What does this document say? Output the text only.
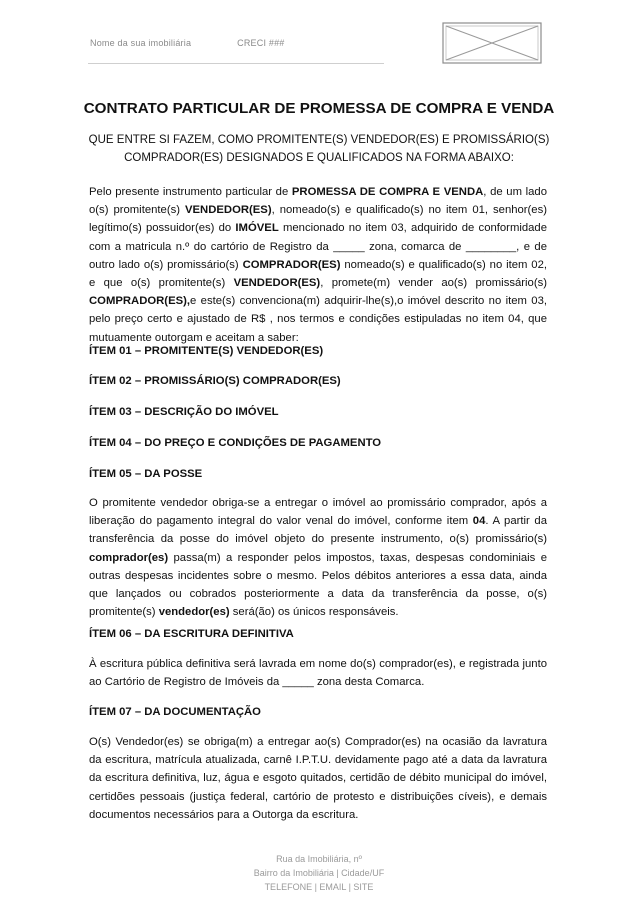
Nome da sua imobiliária	CRECI ###
CONTRATO PARTICULAR DE PROMESSA DE COMPRA E VENDA
QUE ENTRE SI FAZEM, COMO PROMITENTE(S) VENDEDOR(ES) E PROMISSÁRIO(S) COMPRADOR(ES) DESIGNADOS E QUALIFICADOS NA FORMA ABAIXO:
Pelo presente instrumento particular de PROMESSA DE COMPRA E VENDA, de um lado o(s) promitente(s) VENDEDOR(ES), nomeado(s) e qualificado(s) no item 01, senhor(es) legítimo(s) possuidor(es) do IMÓVEL mencionado no item 03, adquirido de conformidade com a matricula n.º do cartório de Registro da _____ zona, comarca de ________, e de outro lado o(s) promissário(s) COMPRADOR(ES) nomeado(s) e qualificado(s) no item 02, e que o(s) promitente(s) VENDEDOR(ES), promete(m) vender ao(s) promissário(s) COMPRADOR(ES),e este(s) convenciona(m) adquirir-lhe(s),o imóvel descrito no item 03, pelo preço certo e ajustado de R$ , nos termos e condições estipuladas no item 04, que mutuamente outorgam e aceitam a saber:
ÍTEM 01 – PROMITENTE(S) VENDEDOR(ES)
ÍTEM 02 – PROMISSÁRIO(S) COMPRADOR(ES)
ÍTEM 03 – DESCRIÇÃO DO IMÓVEL
ÍTEM 04 – DO PREÇO E CONDIÇÕES DE PAGAMENTO
ÍTEM 05 – DA POSSE
O promitente vendedor obriga-se a entregar o imóvel ao promissário comprador, após a liberação do pagamento integral do valor venal do imóvel, conforme item 04. A partir da transferência da posse do imóvel objeto do presente instrumento, o(s) promissário(s) comprador(es) passa(m) a responder pelos impostos, taxas, despesas condominiais e outras despesas incidentes sobre o mesmo. Pelos débitos anteriores a essa data, ainda que lançados ou cobrados posteriormente a data da transferência da posse, o(s) promitente(s) vendedor(es) será(ão) os únicos responsáveis.
ÍTEM 06 – DA ESCRITURA DEFINITIVA
À escritura pública definitiva será lavrada em nome do(s) comprador(es), e registrada junto ao Cartório de Registro de Imóveis da _____ zona desta Comarca.
ÍTEM 07 – DA DOCUMENTAÇÃO
O(s) Vendedor(es) se obriga(m) a entregar ao(s) Comprador(es) na ocasião da lavratura da escritura, matrícula atualizada, carnê I.P.T.U. devidamente pago até a data da lavratura da escritura definitiva, luz, água e esgoto quitados, certidão de débito municipal do imóvel, certidões pessoais (justiça federal, cartório de protesto e distribuições cíveis), e demais documentos necessários para a Outorga da escritura.
Rua da Imobiliária, nº
Bairro da Imobiliária | Cidade/UF
TELEFONE | EMAIL | SITE
